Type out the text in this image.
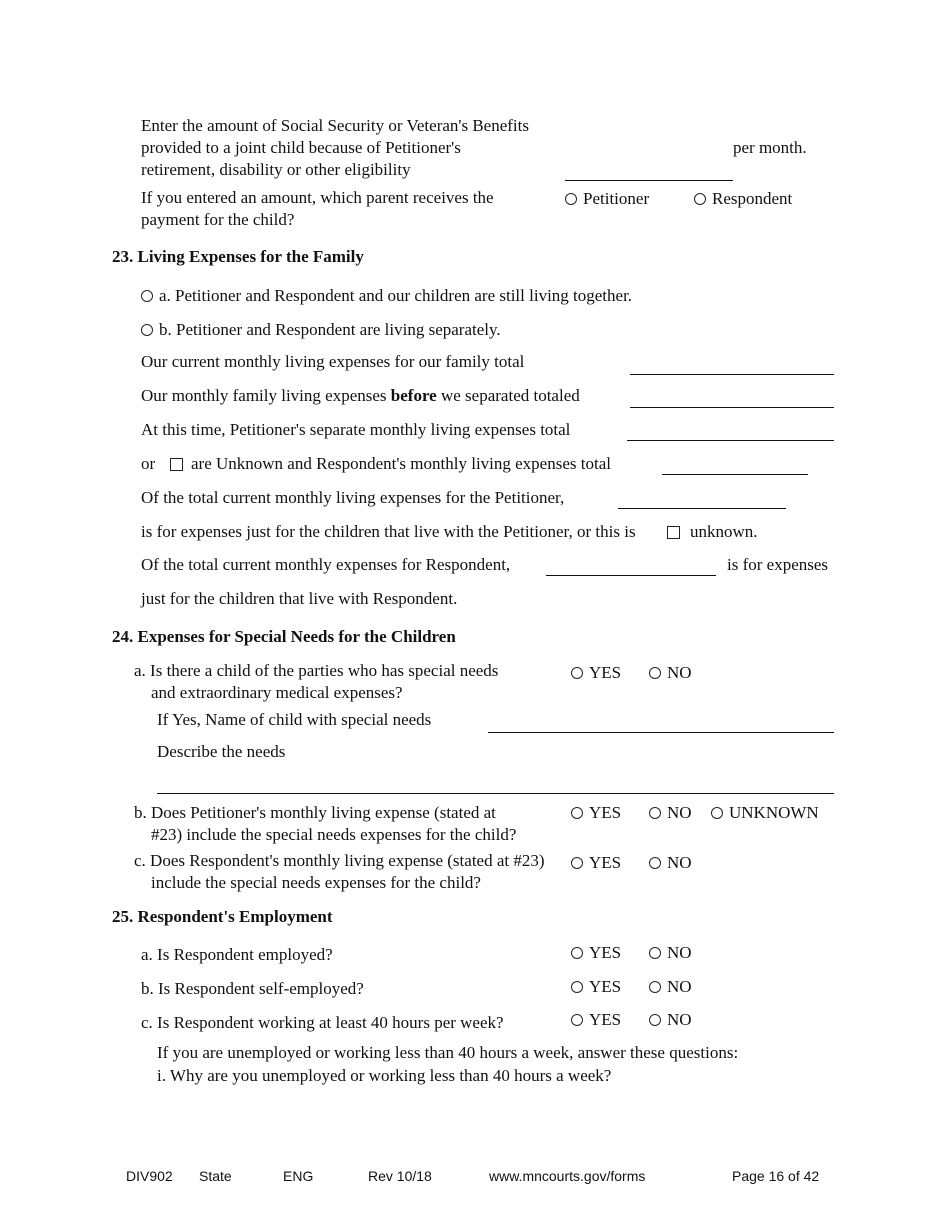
Enter the amount of Social Security or Veteran's Benefits
provided to a joint child because of Petitioner's
retirement, disability or other eligibility
per month.
If you entered an amount, which parent receives the
payment for the child?
Petitioner	Respondent
23. Living Expenses for the Family
a. Petitioner and Respondent and our children are still living together.
b. Petitioner and Respondent are living separately.
Our current monthly living expenses for our family total
Our monthly family living expenses before we separated totaled
At this time, Petitioner's separate monthly living expenses total
or are Unknown and Respondent's monthly living expenses total
Of the total current monthly living expenses for the Petitioner,
is for expenses just for the children that live with the Petitioner, or this is	unknown.
Of the total current monthly expenses for Respondent,	is for expenses
just for the children that live with Respondent.
24. Expenses for Special Needs for the Children
a. Is there a child of the parties who has special needs
and extraordinary medical expenses?
YES	NO
If Yes, Name of child with special needs
Describe the needs
b. Does Petitioner's monthly living expense (stated at
#23) include the special needs expenses for the child?
YES	NO	UNKNOWN
c. Does Respondent's monthly living expense (stated at #23)
include the special needs expenses for the child?
YES	NO
25. Respondent's Employment
a. Is Respondent employed?	YES	NO
b. Is Respondent self-employed?	YES	NO
c. Is Respondent working at least 40 hours per week?	YES	NO
If you are unemployed or working less than 40 hours a week, answer these questions:
i. Why are you unemployed or working less than 40 hours a week?
DIV902 State	ENG	Rev 10/18	www.mncourts.gov/forms	Page 16 of 42
